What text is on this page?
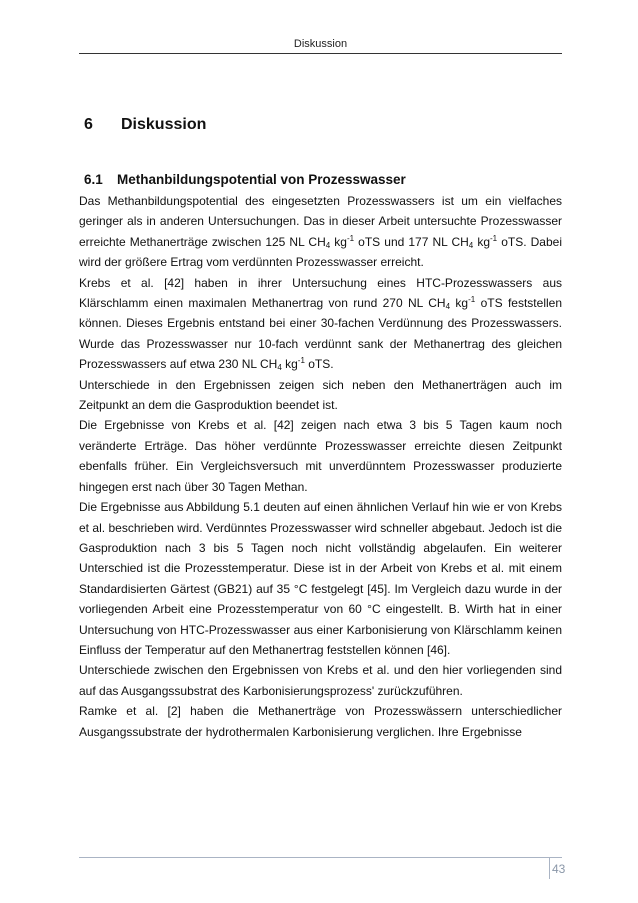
Diskussion
6 Diskussion
6.1 Methanbildungspotential von Prozesswasser

Das Methanbildungspotential des eingesetzten Prozesswassers ist um ein vielfaches geringer als in anderen Untersuchungen. Das in dieser Arbeit untersuchte Prozesswasser erreichte Methanerträge zwischen 125 NL $CH_4$ $kg^{-1}$ oTS und 177 NL $CH_4$ $kg^{-1}$ oTS. Dabei wird der größere Ertrag vom verdünnten Prozesswasser erreicht.

Krebs et al. [42] haben in ihrer Untersuchung eines HTC-Prozesswassers aus Klärschlamm einen maximalen Methanertrag von rund 270 NL $CH_4$ $kg^{-1}$ oTS feststellen können. Dieses Ergebnis entstand bei einer 30-fachen Verdünnung des Prozesswassers. Wurde das Prozesswasser nur 10-fach verdünnt sank der Methanertrag des gleichen Prozesswassers auf etwa 230 NL $CH_4$ $kg^{-1}$ oTS.

Unterschiede in den Ergebnissen zeigen sich neben den Methanerträgen auch im Zeitpunkt an dem die Gasproduktion beendet ist.

Die Ergebnisse von Krebs et al. [42] zeigen nach etwa 3 bis 5 Tagen kaum noch veränderte Erträge. Das höher verdünnte Prozesswasser erreichte diesen Zeitpunkt ebenfalls früher. Ein Vergleichsversuch mit unverdünntem Prozesswasser produzierte hingegen erst nach über 30 Tagen Methan.

Die Ergebnisse aus Abbildung 5.1 deuten auf einen ähnlichen Verlauf hin wie er von Krebs et al. beschrieben wird. Verdünntes Prozesswasser wird schneller abgebaut. Jedoch ist die Gasproduktion nach 3 bis 5 Tagen noch nicht vollständig abgelaufen. Ein weiterer Unterschied ist die Prozesstemperatur. Diese ist in der Arbeit von Krebs et al. mit einem Standardisierten Gärtest (GB21) auf 35 °C festgelegt [45]. Im Vergleich dazu wurde in der vorliegenden Arbeit eine Prozesstemperatur von 60 °C eingestellt. B. Wirth hat in einer Untersuchung von HTC-Prozesswasser aus einer Karbonisierung von Klärschlamm keinen Einfluss der Temperatur auf den Methanertrag feststellen können [46].

Unterschiede zwischen den Ergebnissen von Krebs et al. und den hier vorliegenden sind auf das Ausgangssubstrat des Karbonisierungsprozess' zurückzuführen.

Ramke et al. [2] haben die Methanerträge von Prozesswässern unterschiedlicher Ausgangssubstrate der hydrothermalen Karbonisierung verglichen. Ihre Ergebnisse

43
